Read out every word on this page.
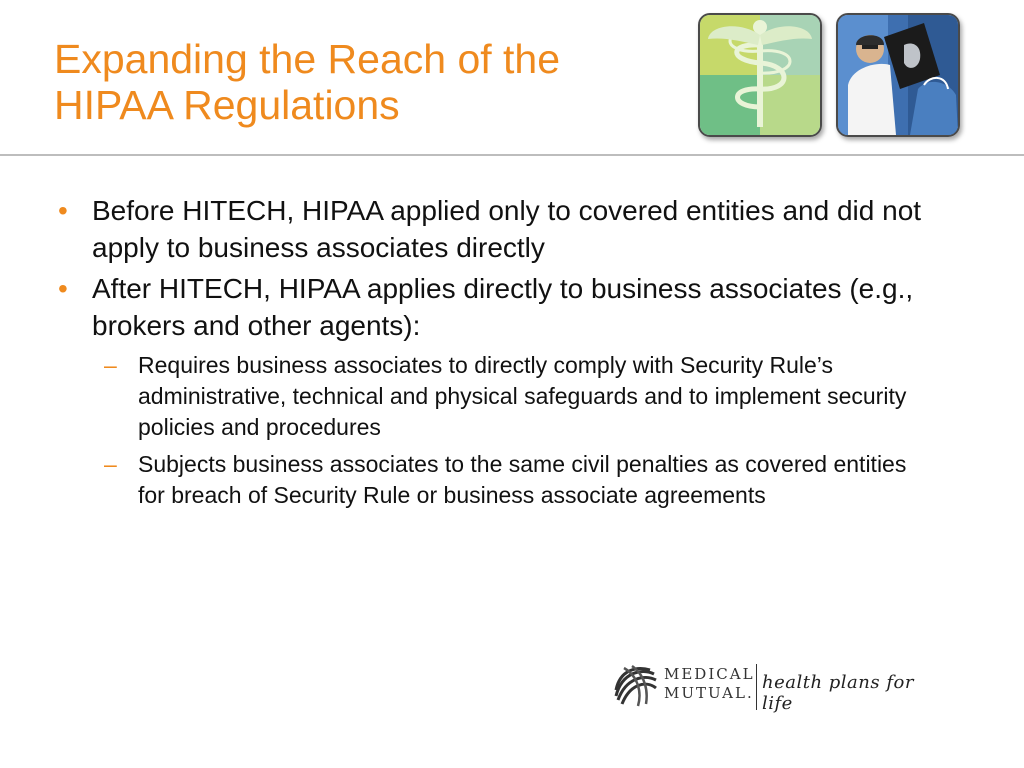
Expanding the Reach of the
HIPAA Regulations
• Before HITECH, HIPAA applied only to covered entities and did not apply to business associates directly
• After HITECH, HIPAA applies directly to business associates (e.g., brokers and other agents):
– Requires business associates to directly comply with Security Rule’s administrative, technical and physical safeguards and to implement security policies and procedures
– Subjects business associates to the same civil penalties as covered entities for breach of Security Rule or business associate agreements
MEDICAL
MUTUAL. health plans for life
